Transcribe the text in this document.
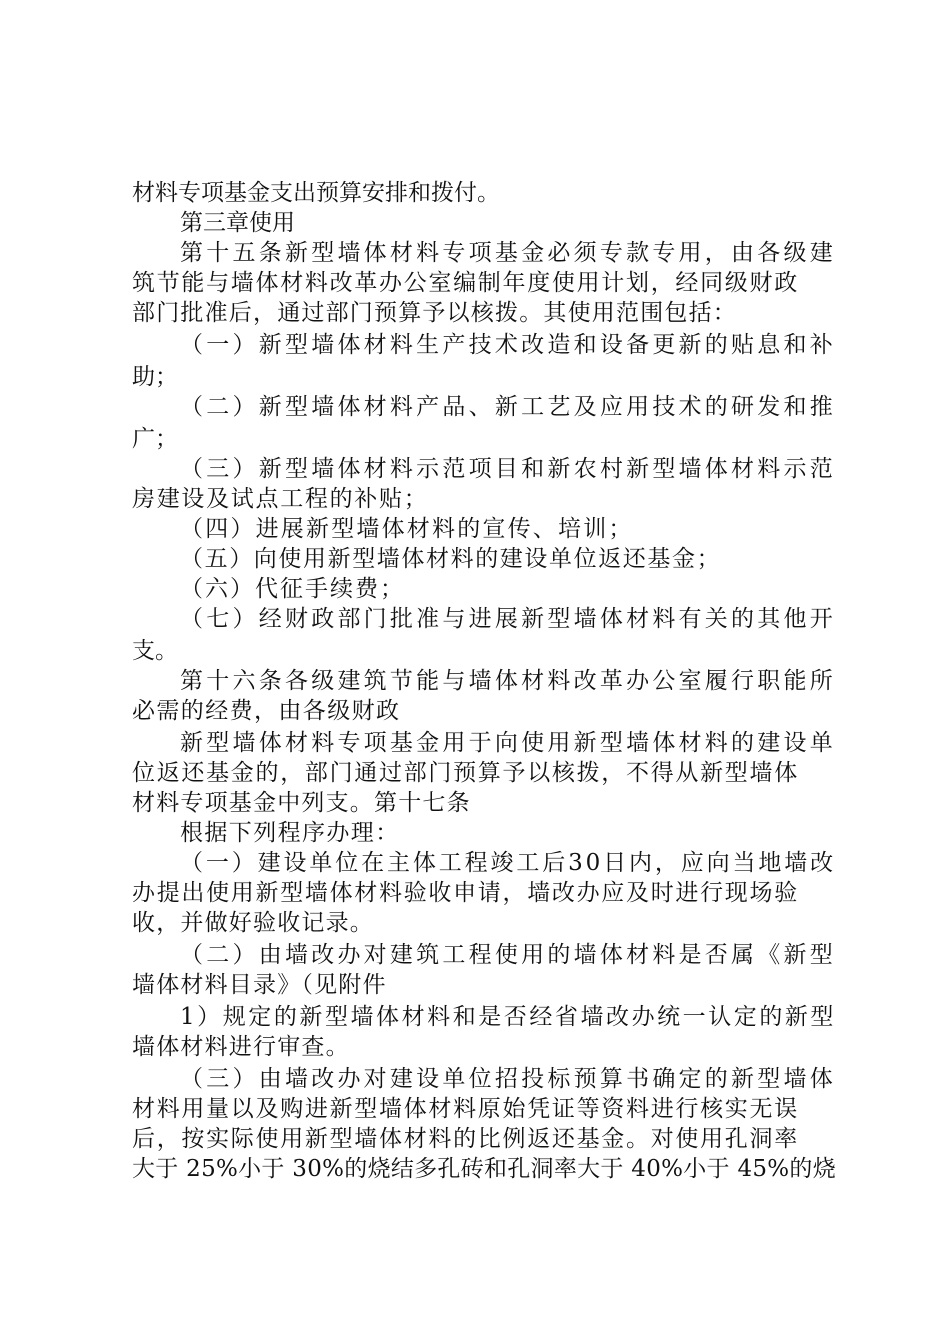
材料专项基金支出预算安排和拨付。
第三章使用
第十五条新型墙体材料专项基金必须专款专用，由各级建
筑节能与墙体材料改革办公室编制年度使用计划，经同级财政
部门批准后，通过部门预算予以核拨。其使用范围包括：
（一）新型墙体材料生产技术改造和设备更新的贴息和补
助；
（二）新型墙体材料产品、新工艺及应用技术的研发和推
广；
（三）新型墙体材料示范项目和新农村新型墙体材料示范
房建设及试点工程的补贴；
（四）进展新型墙体材料的宣传、培训；
（五）向使用新型墙体材料的建设单位返还基金；
（六）代征手续费；
（七）经财政部门批准与进展新型墙体材料有关的其他开
支。
第十六条各级建筑节能与墙体材料改革办公室履行职能所
必需的经费，由各级财政
新型墙体材料专项基金用于向使用新型墙体材料的建设单
位返还基金的，部门通过部门预算予以核拨，不得从新型墙体
材料专项基金中列支。第十七条
根据下列程序办理：
（一）建设单位在主体工程竣工后30日内，应向当地墙改
办提出使用新型墙体材料验收申请，墙改办应及时进行现场验
收，并做好验收记录。
（二）由墙改办对建筑工程使用的墙体材料是否属《新型
墙体材料目录》（见附件
1）规定的新型墙体材料和是否经省墙改办统一认定的新型
墙体材料进行审查。
（三）由墙改办对建设单位招投标预算书确定的新型墙体
材料用量以及购进新型墙体材料原始凭证等资料进行核实无误
后，按实际使用新型墙体材料的比例返还基金。对使用孔洞率
大于 25%小于 30%的烧结多孔砖和孔洞率大于 40%小于 45%的烧
